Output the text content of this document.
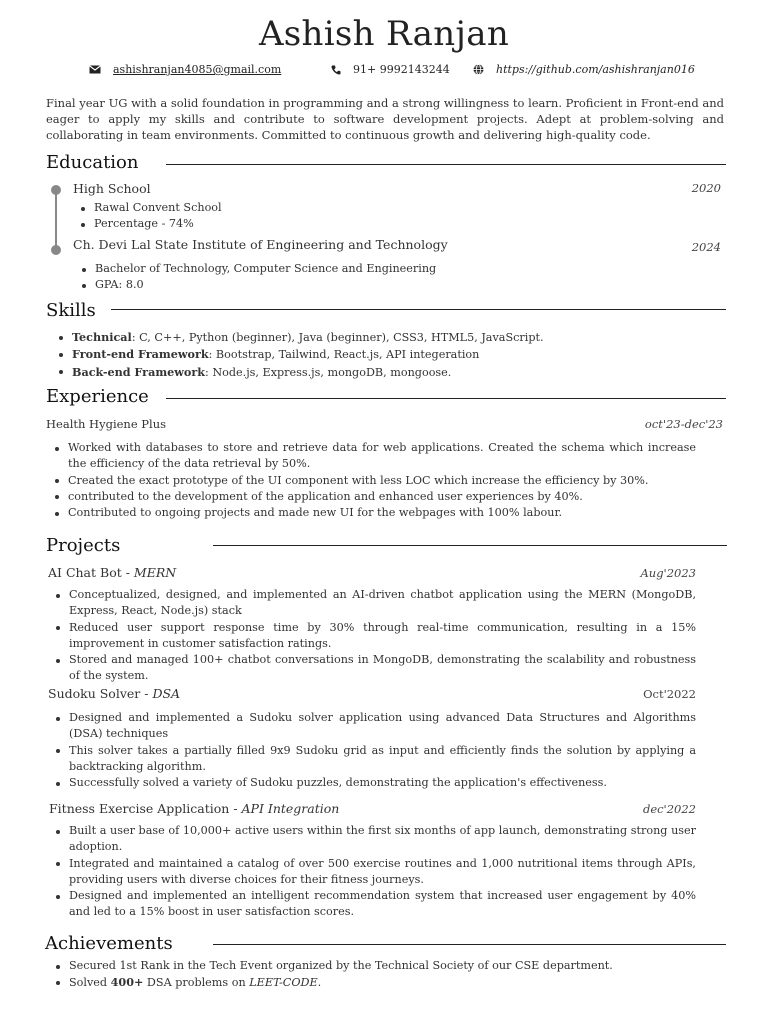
Ashish Ranjan
ashishranjan4085@gmail.com	91+ 9992143244	https://github.com/ashishranjan016
Final year UG with a solid foundation in programming and a strong willingness to learn. Proficient in Front-end and eager to apply my skills and contribute to software development projects. Adept at problem-solving and collaborating in team environments. Committed to continuous growth and delivering high-quality code.
Education
High School	2020
Rawal Convent School
Percentage - 74%
Ch. Devi Lal State Institute of Engineering and Technology	2024
Bachelor of Technology, Computer Science and Engineering
GPA: 8.0
Skills
Technical: C, C++, Python (beginner), Java (beginner), CSS3, HTML5, JavaScript.
Front-end Framework: Bootstrap, Tailwind, React.js, API integeration
Back-end Framework: Node.js, Express.js, mongoDB, mongoose.
Experience
Health Hygiene Plus	oct'23-dec'23
Worked with databases to store and retrieve data for web applications. Created the schema which increase the efficiency of the data retrieval by 50%.
Created the exact prototype of the UI component with less LOC which increase the efficiency by 30%.
contributed to the development of the application and enhanced user experiences by 40%.
Contributed to ongoing projects and made new UI for the webpages with 100% labour.
Projects
AI Chat Bot - MERN	Aug'2023
Conceptualized, designed, and implemented an AI-driven chatbot application using the MERN (MongoDB, Express, React, Node.js) stack
Reduced user support response time by 30% through real-time communication, resulting in a 15% improvement in customer satisfaction ratings.
Stored and managed 100+ chatbot conversations in MongoDB, demonstrating the scalability and robustness of the system.
Sudoku Solver - DSA	Oct'2022
Designed and implemented a Sudoku solver application using advanced Data Structures and Algorithms (DSA) techniques
This solver takes a partially filled 9x9 Sudoku grid as input and efficiently finds the solution by applying a backtracking algorithm.
Successfully solved a variety of Sudoku puzzles, demonstrating the application's effectiveness.
Fitness Exercise Application - API Integration	dec'2022
Built a user base of 10,000+ active users within the first six months of app launch, demonstrating strong user adoption.
Integrated and maintained a catalog of over 500 exercise routines and 1,000 nutritional items through APIs, providing users with diverse choices for their fitness journeys.
Designed and implemented an intelligent recommendation system that increased user engagement by 40% and led to a 15% boost in user satisfaction scores.
Achievements
Secured 1st Rank in the Tech Event organized by the Technical Society of our CSE department.
Solved 400+ DSA problems on LEET-CODE.
